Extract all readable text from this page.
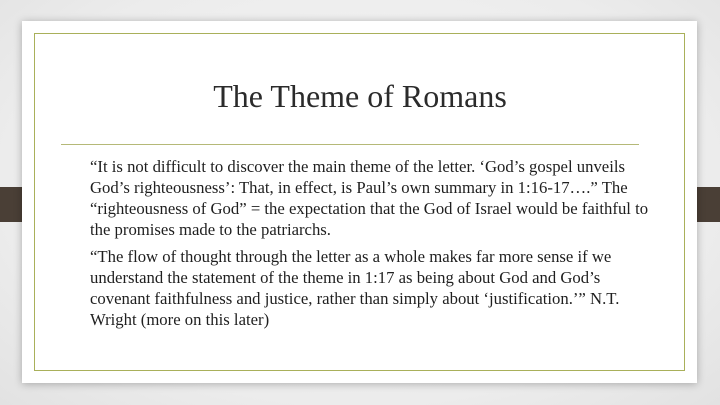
The Theme of Romans

“It is not difficult to discover the main theme of the letter. ‘God’s gospel unveils God’s righteousness’: That, in effect, is Paul’s own summary in 1:16-17….” The “righteousness of God” = the expectation that the God of Israel would be faithful to the promises made to the patriarchs.

“The flow of thought through the letter as a whole makes far more sense if we understand the statement of the theme in 1:17 as being about God and God’s covenant faithfulness and justice, rather than simply about ‘justification.’” N.T. Wright (more on this later)
